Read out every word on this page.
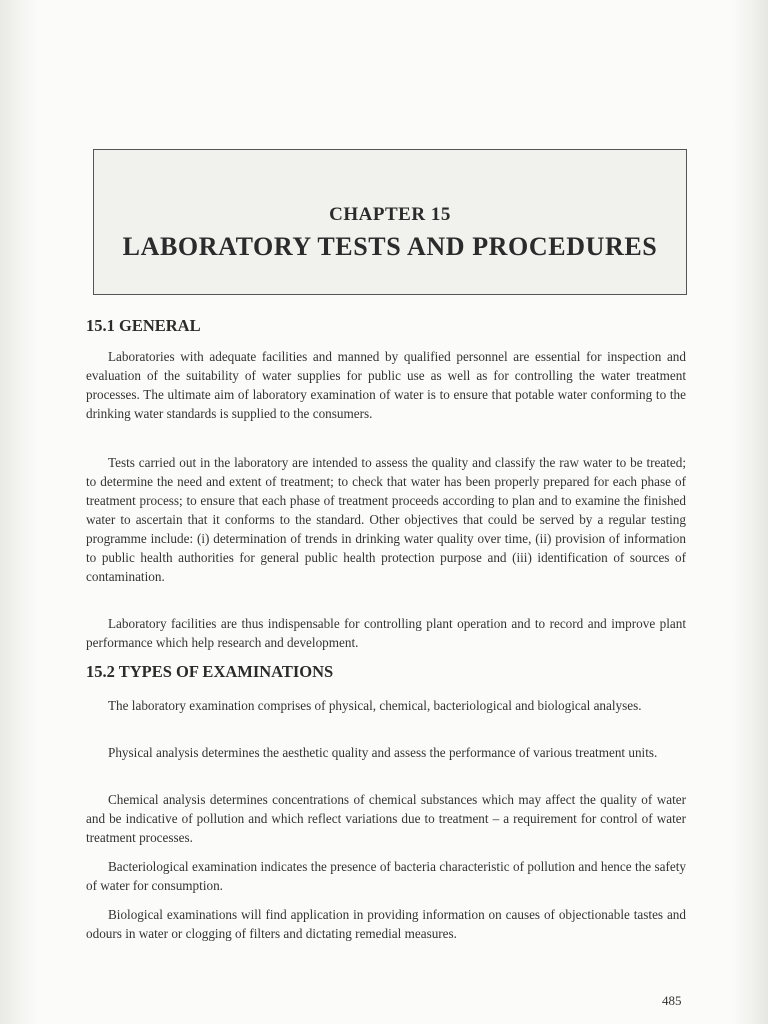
CHAPTER 15
LABORATORY TESTS AND PROCEDURES
15.1 GENERAL

Laboratories with adequate facilities and manned by qualified personnel are essential for inspection and evaluation of the suitability of water supplies for public use as well as for controlling the water treatment processes. The ultimate aim of laboratory examination of water is to ensure that potable water conforming to the drinking water standards is supplied to the consumers.

Tests carried out in the laboratory are intended to assess the quality and classify the raw water to be treated; to determine the need and extent of treatment; to check that water has been properly prepared for each phase of treatment process; to ensure that each phase of treatment proceeds according to plan and to examine the finished water to ascertain that it conforms to the standard. Other objectives that could be served by a regular testing programme include: (i) determination of trends in drinking water quality over time, (ii) provision of information to public health authorities for general public health protection purpose and (iii) identification of sources of contamination.

Laboratory facilities are thus indispensable for controlling plant operation and to record and improve plant performance which help research and development.

15.2 TYPES OF EXAMINATIONS

The laboratory examination comprises of physical, chemical, bacteriological and biological analyses.

Physical analysis determines the aesthetic quality and assess the performance of various treatment units.

Chemical analysis determines concentrations of chemical substances which may affect the quality of water and be indicative of pollution and which reflect variations due to treatment – a requirement for control of water treatment processes.

Bacteriological examination indicates the presence of bacteria characteristic of pollution and hence the safety of water for consumption.

Biological examinations will find application in providing information on causes of objectionable tastes and odours in water or clogging of filters and dictating remedial measures.

485
